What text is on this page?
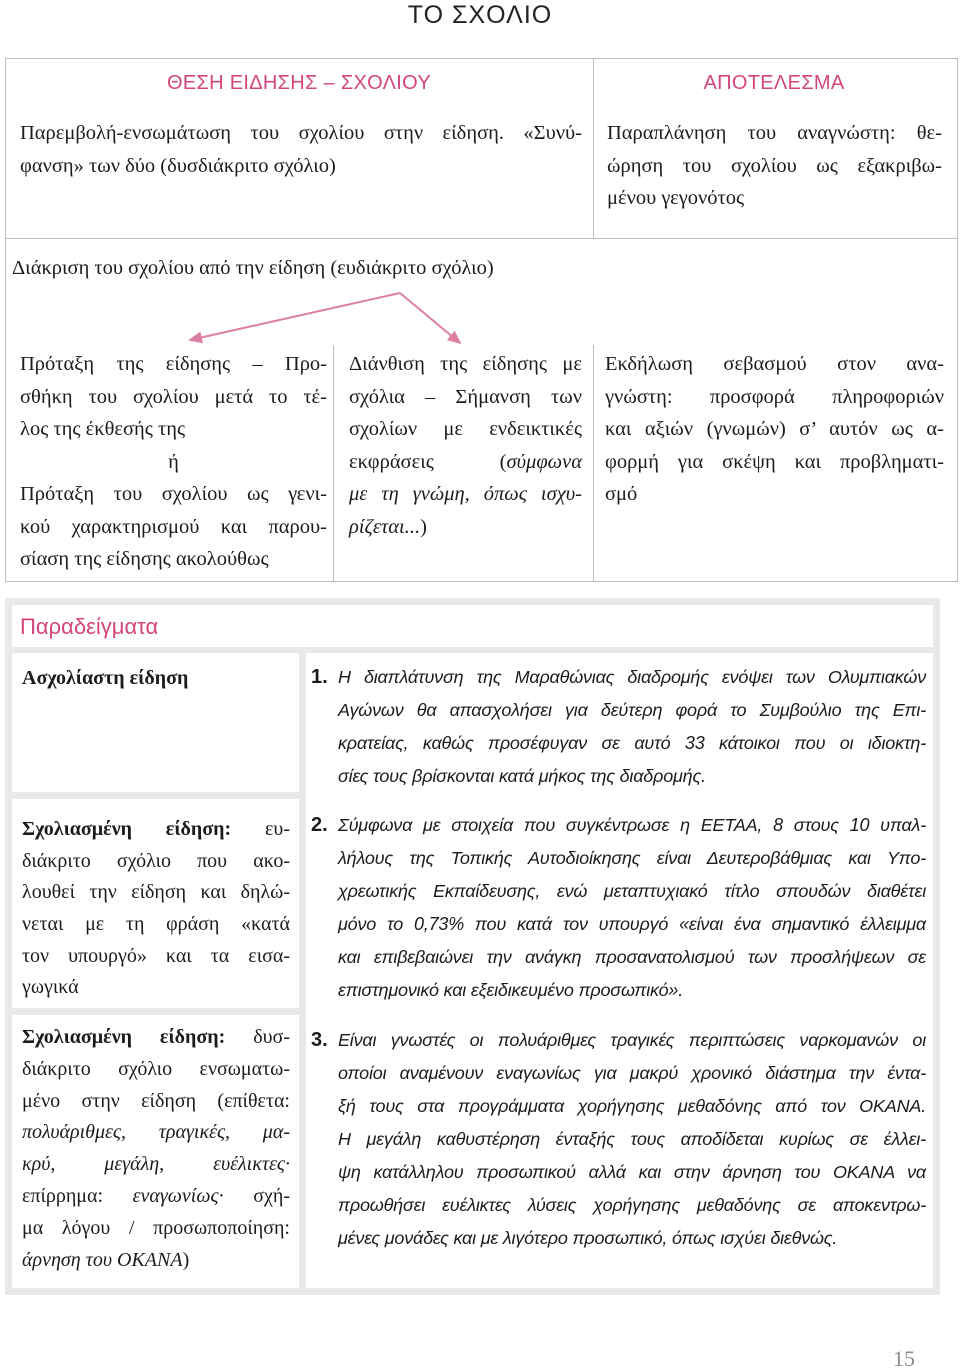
ΤΟ ΣΧΟΛΙΟ
ΘΕΣΗ ΕΙΔΗΣΗΣ – ΣΧΟΛΙΟΥ	ΑΠΟΤΕΛΕΣΜΑ
Παρεμβολή-ενσωμάτωση του σχολίου στην είδηση. «Συνύ-
φανση» των δύο (δυσδιάκριτο σχόλιο)
Παραπλάνηση του αναγνώστη: θε-
ώρηση του σχολίου ως εξακριβω-
μένου γεγονότος
Διάκριση του σχολίου από την είδηση (ευδιάκριτο σχόλιο)
Πρόταξη της είδησης – Προ-
σθήκη του σχολίου μετά το τέ-
λος της έκθεσής της
ή
Πρόταξη του σχολίου ως γενι-
κού χαρακτηρισμού και παρου-
σίαση της είδησης ακολούθως
Διάνθιση της είδησης με
σχόλια – Σήμανση των
σχολίων με ενδεικτικές
εκφράσεις (σύμφωνα
με τη γνώμη, όπως ισχυ-
ρίζεται...)
Εκδήλωση σεβασμού στον ανα-
γνώστη: προσφορά πληροφοριών
και αξιών (γνωμών) σ’ αυτόν ως α-
φορμή για σκέψη και προβληματι-
σμό
Παραδείγματα
Ασχολίαστη είδηση
Σχολιασμένη είδηση: ευ-
διάκριτο σχόλιο που ακο-
λουθεί την είδηση και δηλώ-
νεται με τη φράση «κατά
τον υπουργό» και τα εισα-
γωγικά
Σχολιασμένη είδηση: δυσ-
διάκριτο σχόλιο ενσωματω-
μένο στην είδηση (επίθετα:
πολυάριθμες, τραγικές, μα-
κρύ, μεγάλη, ευέλικτες·
επίρρημα: εναγωνίως· σχή-
μα λόγου / προσωποποίηση:
άρνηση του ΟΚΑΝΑ)
1. Η διαπλάτυνση της Μαραθώνιας διαδρομής ενόψει των Ολυμπιακών
Αγώνων θα απασχολήσει για δεύτερη φορά το Συμβούλιο της Επι-
κρατείας, καθώς προσέφυγαν σε αυτό 33 κάτοικοι που οι ιδιοκτη-
σίες τους βρίσκονται κατά μήκος της διαδρομής.
2. Σύμφωνα με στοιχεία που συγκέντρωσε η ΕΕΤΑΑ, 8 στους 10 υπαλ-
λήλους της Τοπικής Αυτοδιοίκησης είναι Δευτεροβάθμιας και Υπο-
χρεωτικής Εκπαίδευσης, ενώ μεταπτυχιακό τίτλο σπουδών διαθέτει
μόνο το 0,73% που κατά τον υπουργό «είναι ένα σημαντικό έλλειμμα
και επιβεβαιώνει την ανάγκη προσανατολισμού των προσλήψεων σε
επιστημονικό και εξειδικευμένο προσωπικό».
3. Είναι γνωστές οι πολυάριθμες τραγικές περιπτώσεις ναρκομανών οι
οποίοι αναμένουν εναγωνίως για μακρύ χρονικό διάστημα την έντα-
ξή τους στα προγράμματα χορήγησης μεθαδόνης από τον ΟΚΑΝΑ.
Η μεγάλη καθυστέρηση ένταξής τους αποδίδεται κυρίως σε έλλει-
ψη κατάλληλου προσωπικού αλλά και στην άρνηση του ΟΚΑΝΑ να
προωθήσει ευέλικτες λύσεις χορήγησης μεθαδόνης σε αποκεντρω-
μένες μονάδες και με λιγότερο προσωπικό, όπως ισχύει διεθνώς.
15
